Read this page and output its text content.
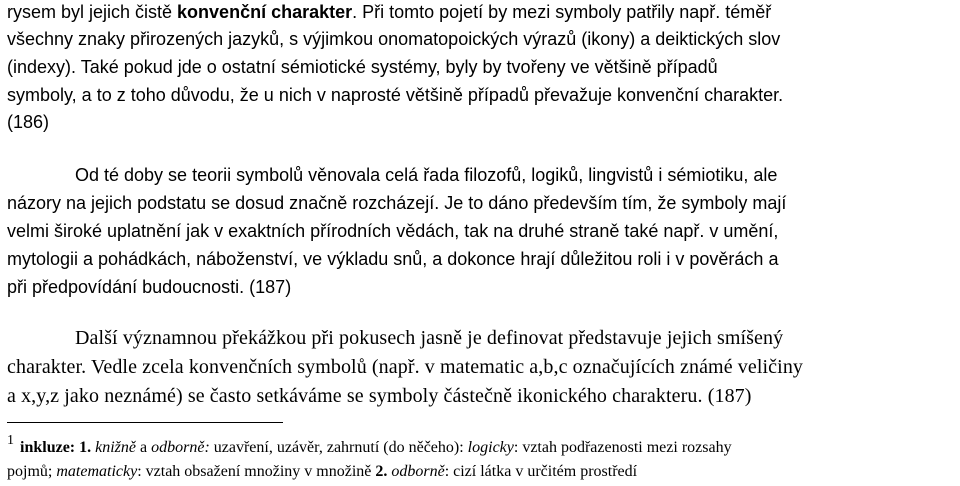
rysem byl jejich čistě konvenční charakter. Při tomto pojetí by mezi symboly patřily např. téměř
všechny znaky přirozených jazyků, s výjimkou onomatopoických výrazů (ikony) a deiktických slov
(indexy). Také pokud jde o ostatní sémiotické systémy, byly by tvořeny ve většině případů
symboly, a to z toho důvodu, že u nich v naprosté většině případů převažuje konvenční charakter.
(186)
Od té doby se teorii symbolů věnovala celá řada filozofů, logiků, lingvistů i sémiotiku, ale
názory na jejich podstatu se dosud značně rozcházejí. Je to dáno především tím, že symboly mají
velmi široké uplatnění jak v exaktních přírodních vědách, tak na druhé straně také např. v umění,
mytologii a pohádkách, náboženství, ve výkladu snů, a dokonce hrají důležitou roli i v pověrách a
při předpovídání budoucnosti. (187)
Další významnou překážkou při pokusech jasně je definovat představuje jejich smíšený
charakter. Vedle zcela konvenčních symbolů (např. v matematic a,b,c označujících známé veličiny
a x,y,z jako neznámé) se často setkáváme se symboly částečně ikonického charakteru. (187)
1 inkluze: 1. knižně a odborně: uzavření, uzávěr, zahrnutí (do něčeho): logicky: vztah podřazenosti mezi rozsahy
pojmů; matematicky: vztah obsažení množiny v množině 2. odborně: cizí látka v určitém prostředí
